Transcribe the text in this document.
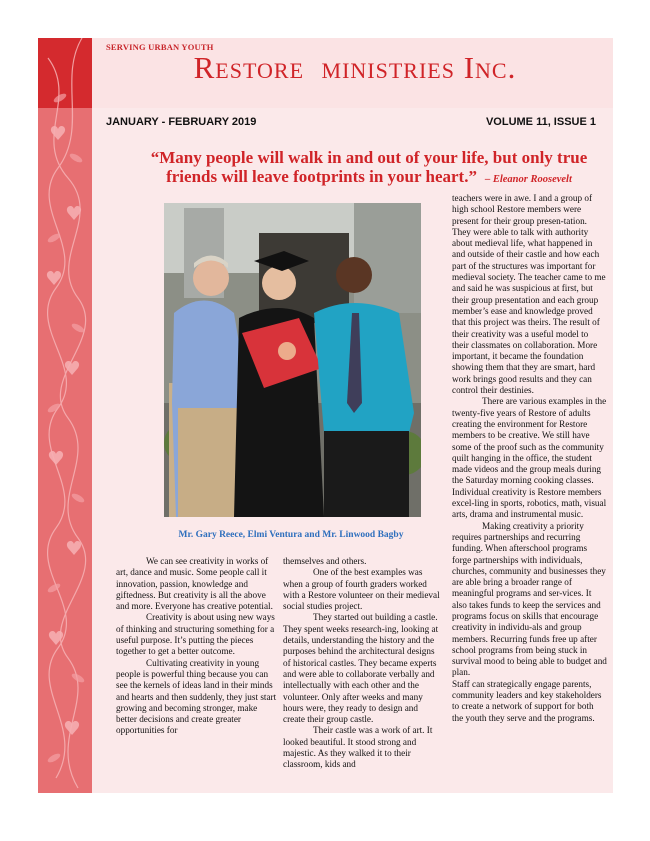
SERVING URBAN YOUTH
Restore  ministries Inc.
JANUARY - FEBRUARY 2019	VOLUME 11, ISSUE 1
“Many people will walk in and out of your life, but only true friends will leave footprints in your heart.” – Eleanor Roosevelt
Mr. Gary Reece, Elmi Ventura and Mr. Linwood Bagby

We can see creativity in works of art, dance and music. Some people call it innovation, passion, knowledge and giftedness. But creativity is all the above and more. Everyone has creative potential.

Creativity is about using new ways of thinking and structuring something for a useful purpose. It’s putting the pieces together to get a better outcome.

Cultivating creativity in young people is powerful thing because you can see the kernels of ideas land in their minds and hearts and then suddenly, they just start growing and becoming stronger, make better decisions and create greater opportunities for

themselves and others.

One of the best examples was when a group of fourth graders worked with a Restore volunteer on their medieval social studies project.

They started out building a castle. They spent weeks research-ing, looking at details, understanding the history and the purposes behind the architectural designs of historical castles. They became experts and were able to collaborate verbally and intellectually with each other and the volunteer. Only after weeks and many hours were, they ready to design and create their group castle.

Their castle was a work of art. It looked beautiful. It stood strong and majestic. As they walked it to their classroom, kids and

teachers were in awe. I and a group of high school Restore members were present for their group presen-tation. They were able to talk with authority about medieval life, what happened in and outside of their castle and how each part of the structures was important for medieval society. The teacher came to me and said he was suspicious at first, but their group presentation and each group member’s ease and knowledge proved that this project was theirs. The result of their creativity was a useful model to their classmates on collaboration. More important, it became the foundation showing them that they are smart, hard work brings good results and they can control their destinies.

There are various examples in the twenty-five years of Restore of adults creating the environment for Restore members to be creative. We still have some of the proof such as the community quilt hanging in the office, the student made videos and the group meals during the Saturday morning cooking classes. Individual creativity is Restore members excel-ling in sports, robotics, math, visual arts, drama and instrumental music.

Making creativity a priority requires partnerships and recurring funding. When afterschool programs forge partnerships with individuals, churches, community and businesses they are able bring a broader range of meaningful programs and ser-vices. It also takes funds to keep the services and programs focus on skills that encourage creativity in individu-als and group members. Recurring funds free up after school programs from being stuck in survival mood to being able to budget and plan.

Staff can strategically engage parents, community leaders and key stakeholders to create a network of support for both the youth they serve and the programs.
